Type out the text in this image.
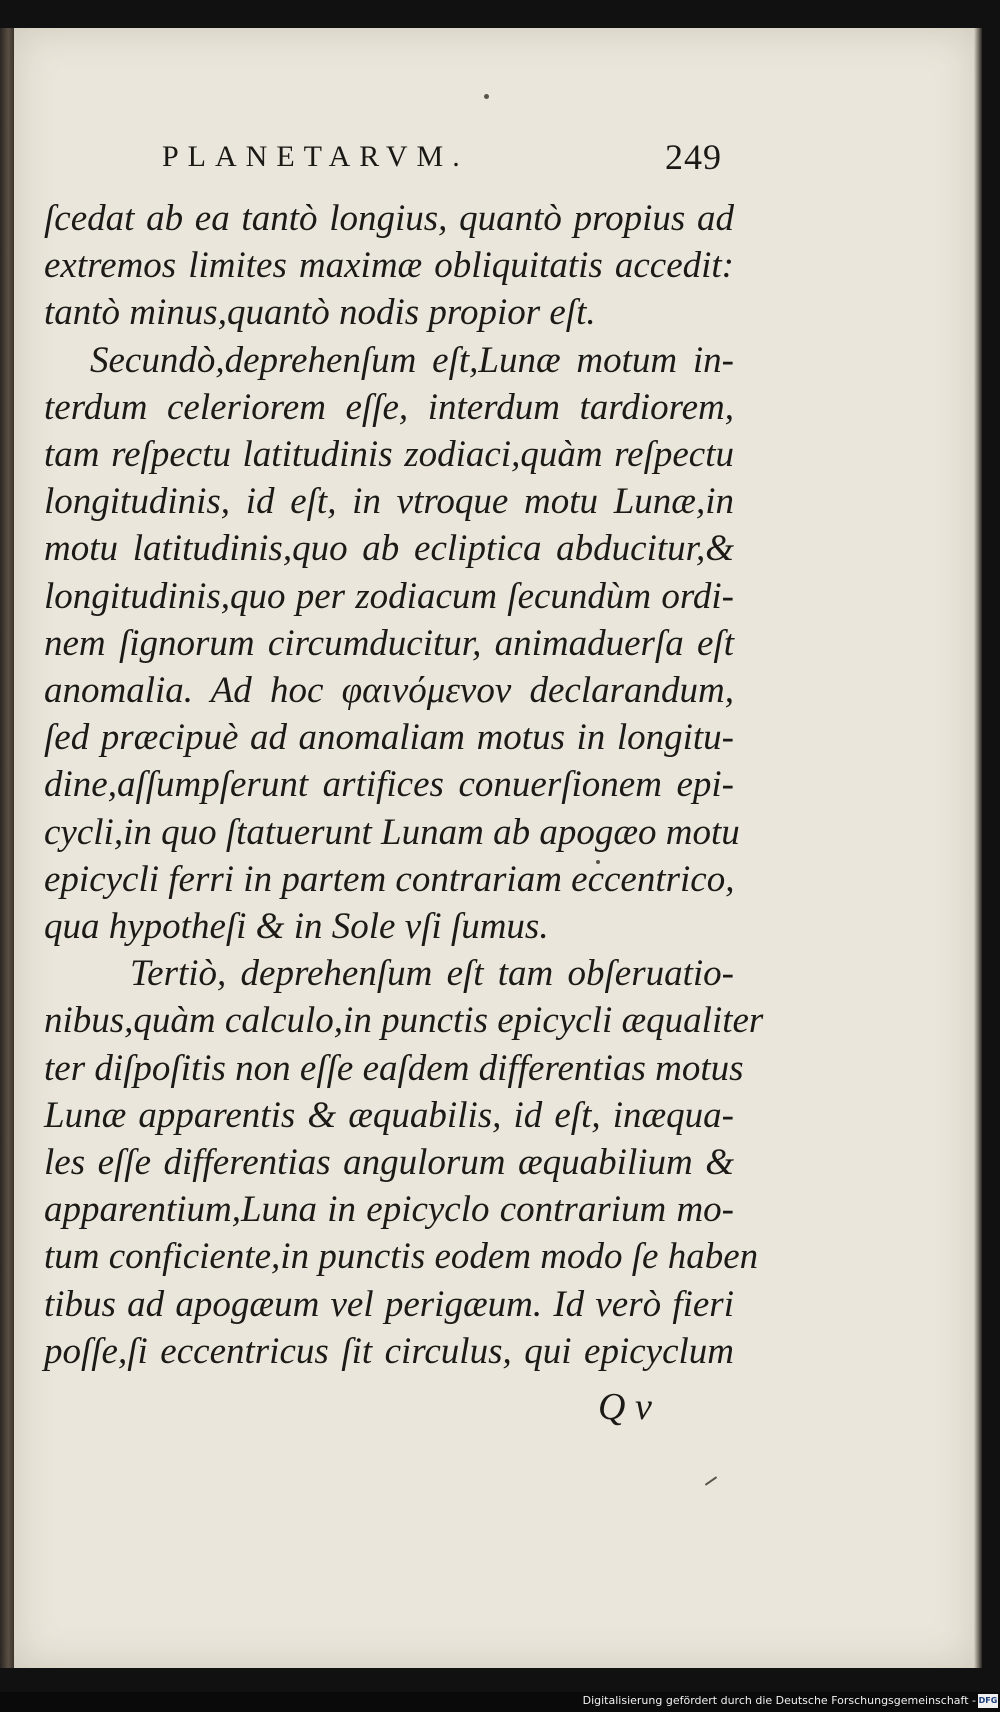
PLANETARVM.	249
ſcedat ab ea tantò longius, quantò propius ad
extremos limites maximæ obliquitatis accedit:
tantò minus,quantò nodis propior eſt.
Secundò,deprehenſum eſt,Lunæ motum in-
terdum celeriorem eſſe, interdum tardiorem,
tam reſpectu latitudinis zodiaci,quàm reſpectu
longitudinis, id eſt, in vtroque motu Lunæ,in
motu latitudinis,quo ab ecliptica abducitur,&
longitudinis,quo per zodiacum ſecundùm ordi-
nem ſignorum circumducitur, animaduerſa eſt
anomalia. Ad hoc φαινόμενον declarandum,
ſed præcipuè ad anomaliam motus in longitu-
dine,aſſumpſerunt artifices conuerſionem epi-
cycli,in quo ſtatuerunt Lunam ab apogæo motu
epicycli ferri in partem contrariam eccentrico,
qua hypotheſi & in Sole vſi ſumus.
Tertiò, deprehenſum eſt tam obſeruatio-
nibus,quàm calculo,in punctis epicycli æqualiter
ter diſpoſitis non eſſe eaſdem differentias motus
Lunæ apparentis & æquabilis, id eſt, inæqua-
les eſſe differentias angulorum æquabilium &
apparentium,Luna in epicyclo contrarium mo-
tum conficiente,in punctis eodem modo ſe haben
tibus ad apogæum vel perigæum. Id verò fieri
poſſe,ſi eccentricus ſit circulus, qui epicyclum
Q v
Digitalisierung gefördert durch die Deutsche Forschungsgemeinschaft - DFG
